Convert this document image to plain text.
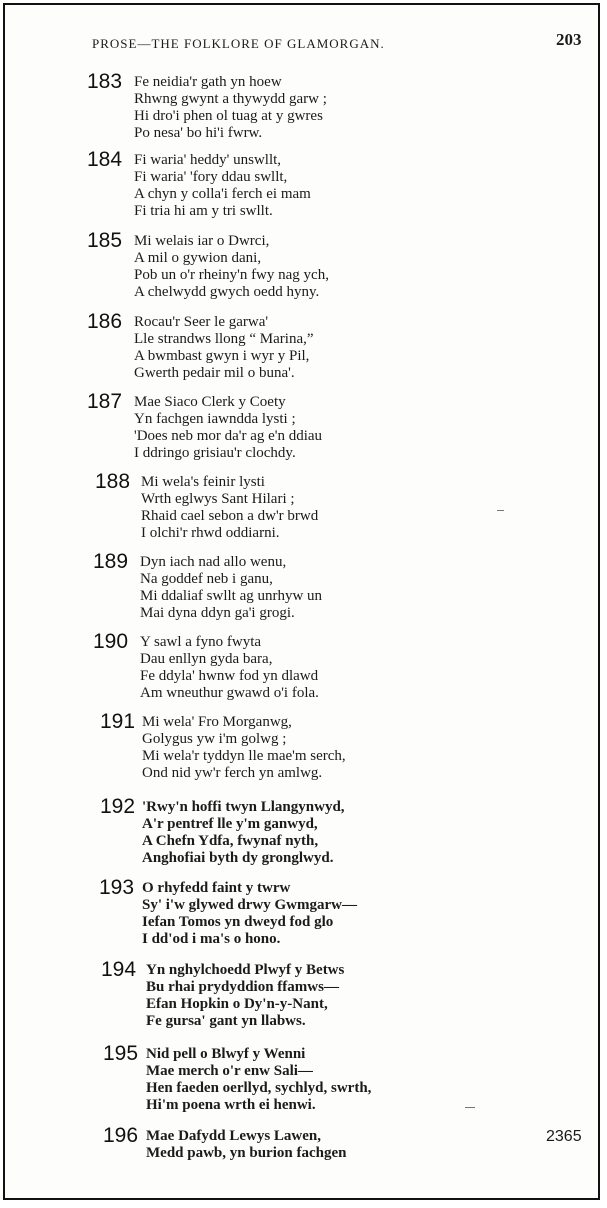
PROSE—THE FOLKLORE OF GLAMORGAN.	203
183 Fe neidia'r gath yn hoew
Rhwng gwynt a thywydd garw ;
Hi dro'i phen ol tuag at y gwres
Po nesa' bo hi'i fwrw.
184 Fi waria' heddy' unswllt,
Fi waria' 'fory ddau swllt,
A chyn y colla'i ferch ei mam
Fi tria hi am y tri swllt.
185 Mi welais iar o Dwrci,
A mil o gywion dani,
Pob un o'r rheiny'n fwy nag ych,
A chelwydd gwych oedd hyny.
186 Rocau'r Seer le garwa'
Lle strandws llong “ Marina,”
A bwmbast gwyn i wyr y Pil,
Gwerth pedair mil o buna'.
187 Mae Siaco Clerk y Coety
Yn fachgen iawndda lysti ;
'Does neb mor da'r ag e'n ddiau
I ddringo grisiau'r clochdy.
188 Mi wela's feinir lysti
Wrth eglwys Sant Hilari ;
Rhaid cael sebon a dw'r brwd
I olchi'r rhwd oddiarni.
189 Dyn iach nad allo wenu,
Na goddef neb i ganu,
Mi ddaliaf swllt ag unrhyw un
Mai dyna ddyn ga'i grogi.
190 Y sawl a fyno fwyta
Dau enllyn gyda bara,
Fe ddyla' hwnw fod yn dlawd
Am wneuthur gwawd o'i fola.
191 Mi wela' Fro Morganwg,
Golygus yw i'm golwg ;
Mi wela'r tyddyn lle mae'm serch,
Ond nid yw'r ferch yn amlwg.
192 'Rwy'n hoffi twyn Llangynwyd,
A'r pentref lle y'm ganwyd,
A Chefn Ydfa, fwynaf nyth,
Anghofiai byth dy gronglwyd.
193 O rhyfedd faint y twrw
Sy' i'w glywed drwy Gwmgarw—
Iefan Tomos yn dweyd fod glo
I dd'od i ma's o hono.
194 Yn nghylchoedd Plwyf y Betws
Bu rhai prydyddion ffamws—
Efan Hopkin o Dy'n-y-Nant,
Fe gursa' gant yn llabws.
195 Nid pell o Blwyf y Wenni
Mae merch o'r enw Sali—
Hen faeden oerllyd, sychlyd, swrth,
Hi'm poena wrth ei henwi.
196 Mae Dafydd Lewys Lawen,
Medd pawb, yn burion fachgen
2365
